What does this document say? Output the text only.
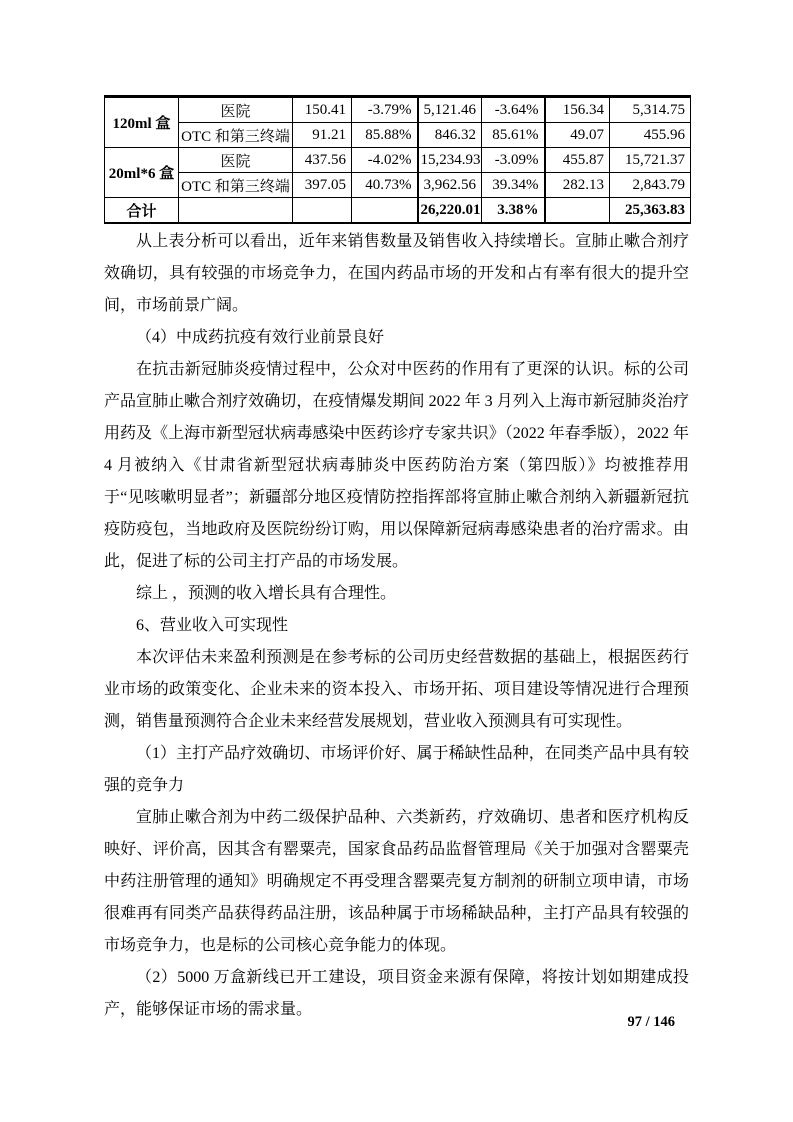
120ml 盒	医院	150.41	-3.79%	5,121.46	-3.64%	156.34	5,314.75
	OTC 和第三终端	91.21	85.88%	846.32	85.61%	49.07	455.96
20ml*6 盒	医院	437.56	-4.02%	15,234.93	-3.09%	455.87	15,721.37
	OTC 和第三终端	397.05	40.73%	3,962.56	39.34%	282.13	2,843.79
合计				26,220.01	3.38%		25,363.83

从上表分析可以看出，近年来销售数量及销售收入持续增长。宣肺止嗽合剂疗效确切，具有较强的市场竞争力，在国内药品市场的开发和占有率有很大的提升空间，市场前景广阔。

（4）中成药抗疫有效行业前景良好

在抗击新冠肺炎疫情过程中，公众对中医药的作用有了更深的认识。标的公司产品宣肺止嗽合剂疗效确切，在疫情爆发期间 2022 年 3 月列入上海市新冠肺炎治疗用药及《上海市新型冠状病毒感染中医药诊疗专家共识》（2022 年春季版），2022 年 4 月被纳入《甘肃省新型冠状病毒肺炎中医药防治方案（第四版）》均被推荐用于“见咳嗽明显者”；新疆部分地区疫情防控指挥部将宣肺止嗽合剂纳入新疆新冠抗疫防疫包，当地政府及医院纷纷订购，用以保障新冠病毒感染患者的治疗需求。由此，促进了标的公司主打产品的市场发展。

综上 ，预测的收入增长具有合理性。

6、营业收入可实现性

本次评估未来盈利预测是在参考标的公司历史经营数据的基础上，根据医药行业市场的政策变化、企业未来的资本投入、市场开拓、项目建设等情况进行合理预测，销售量预测符合企业未来经营发展规划，营业收入预测具有可实现性。

（1）主打产品疗效确切、市场评价好、属于稀缺性品种，在同类产品中具有较强的竞争力

宣肺止嗽合剂为中药二级保护品种、六类新药，疗效确切、患者和医疗机构反映好、评价高，因其含有罂粟壳，国家食品药品监督管理局《关于加强对含罂粟壳中药注册管理的通知》明确规定不再受理含罂粟壳复方制剂的研制立项申请，市场很难再有同类产品获得药品注册，该品种属于市场稀缺品种，主打产品具有较强的市场竞争力，也是标的公司核心竞争能力的体现。

（2）5000 万盒新线已开工建设，项目资金来源有保障，将按计划如期建成投产，能够保证市场的需求量。

97 / 146
